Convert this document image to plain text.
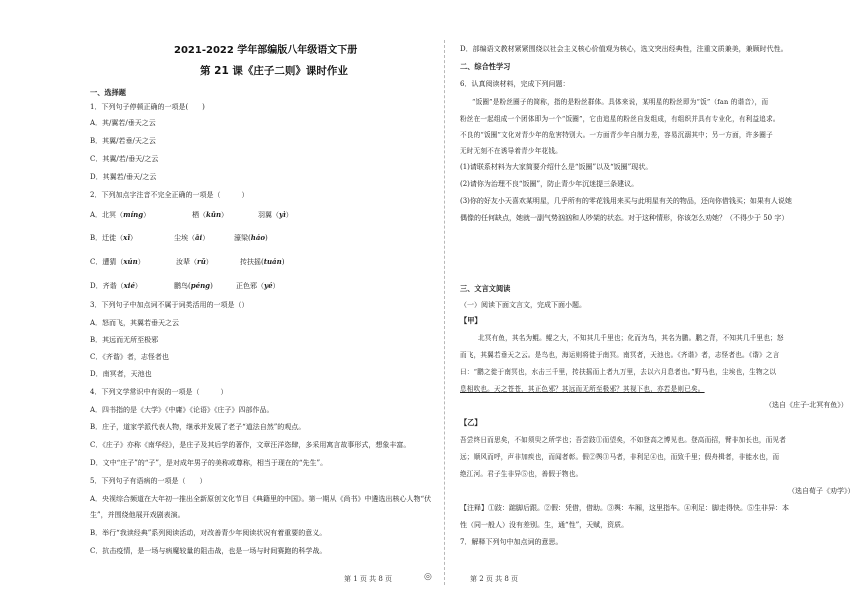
2021-2022 学年部编版八年级语文下册
第 21 课《庄子二则》课时作业
一、选择题
1．下列句子停顿正确的一项是(　　)
A．其/翼若/垂天之云
B．其翼/若垂/天之云
C．其翼/若/垂天/之云
D．其翼若/垂天/之云
2．下列加点字注音不完全正确的一项是（　　　）
A．北冥（míng）	栖（kūn）	羽翼（yì）
B．迁徙（xǐ）	尘埃（āi）	濠梁(háo)
C．遭猜（xún）	汝辈（rǔ）	抟扶摇(tuán)
D．齐谐（xié）	鹏鸟(péng)	正色邪（yé）
3．下列句子中加点词不属于词类活用的一项是（）
A．怒而飞，其翼若垂天之云
B．其远而无所至极邪
C．《齐谐》者，志怪者也
D．南冥者，天池也
4．下列文学常识中有误的一项是（　　　）
A．四书指的是《大学》《中庸》《论语》《庄子》四部作品。
B．庄子，道家学派代表人物，继承并发展了老子“道法自然”的观点。
C．《庄子》亦称《南华经》，是庄子及其后学的著作，文章汪洋恣肆，多采用寓言故事形式，想象丰富。
D．文中“庄子”的“子”，是对成年男子的美称或尊称，相当于现在的“先生”。
5．下列句子有语病的一项是（　　）
A．央视综合频道在大年初一推出全新原创文化节目《典籍里的中国》。第一期从《尚书》中遴选出核心人物“伏
生”，并围绕他展开戏剧表演。
B．举行“我读经典”系列阅读活动，对改善青少年阅读状况有着重要的意义。
C．抗击疫情，是一场与病魔较量的阻击战，也是一场与时间赛跑的科学战。
D．部编语文教材紧紧围绕以社会主义核心价值观为核心，选文突出经典性，注重文质兼美，兼顾时代性。
二、综合性学习
6．认真阅读材料，完成下列问题：
“饭圈”是粉丝圈子的简称，指的是粉丝群体。具体来说，某明星的粉丝即为“饭”（fan 的谐音），而
粉丝在一起组成一个团体即为一个“饭圈”，它由追星的粉丝自发组成，有组织并具有专业化，有利益追求。
不良的“饭圈”文化对青少年的危害特别大。一方面青少年自制力差，容易沉溺其中；另一方面，许多圈子
无时无刻不在诱导着青少年花钱。
(1)请联系材料为大家简要介绍什么是“饭圈”以及“饭圈”现状。
(2)请你为治理不良“饭圈”，防止青少年沉迷提三条建议。
(3)你的好友小天喜欢某明星，几乎所有的零花钱用来买与此明星有关的物品，还向你借钱买；如果有人说她
偶像的任何缺点，她就一副气势汹汹和人吵架的状态。对于这种情形，你该怎么劝她？（不得少于 50 字）
三、文言文阅读
（一）阅读下面文言文，完成下面小题。
【甲】
北冥有鱼，其名为鲲。鲲之大，不知其几千里也；化而为鸟，其名为鹏。鹏之背，不知其几千里也；怒
而飞，其翼若垂天之云。是鸟也，海运则将徙于南冥。南冥者，天池也。《齐谐》者，志怪者也。《谐》之言
曰：“鹏之徙于南冥也，水击三千里，抟扶摇而上者九万里，去以六月息者也。”野马也，尘埃也，生物之以
息相吹也。天之苍苍，其正色邪？其远而无所至极邪？其视下也，亦若是则已矣。
（选自《庄子·北冥有鱼》）
【乙】
吾尝终日而思矣，不如须臾之所学也；吾尝跂①而望矣，不如登高之博见也。登高而招，臂非加长也，而见者
远；顺风而呼，声非加疾也，而闻者彰。假②舆③马者，非利足④也，而致千里；假舟楫者，非能水也，而
绝江河。君子生非异⑤也，善假于物也。
（选自荀子《劝学》）
【注释】①跂：踮脚后跟。②假：凭借，借助。③舆：车厢，这里指车。④利足：脚走得快。⑤生非异：本
性（同一般人）没有差别。生，通“性”，天赋，资质。
7．解释下列句中加点词的意思。
第 1 页 共 8 页	◎	第 2 页 共 8 页
